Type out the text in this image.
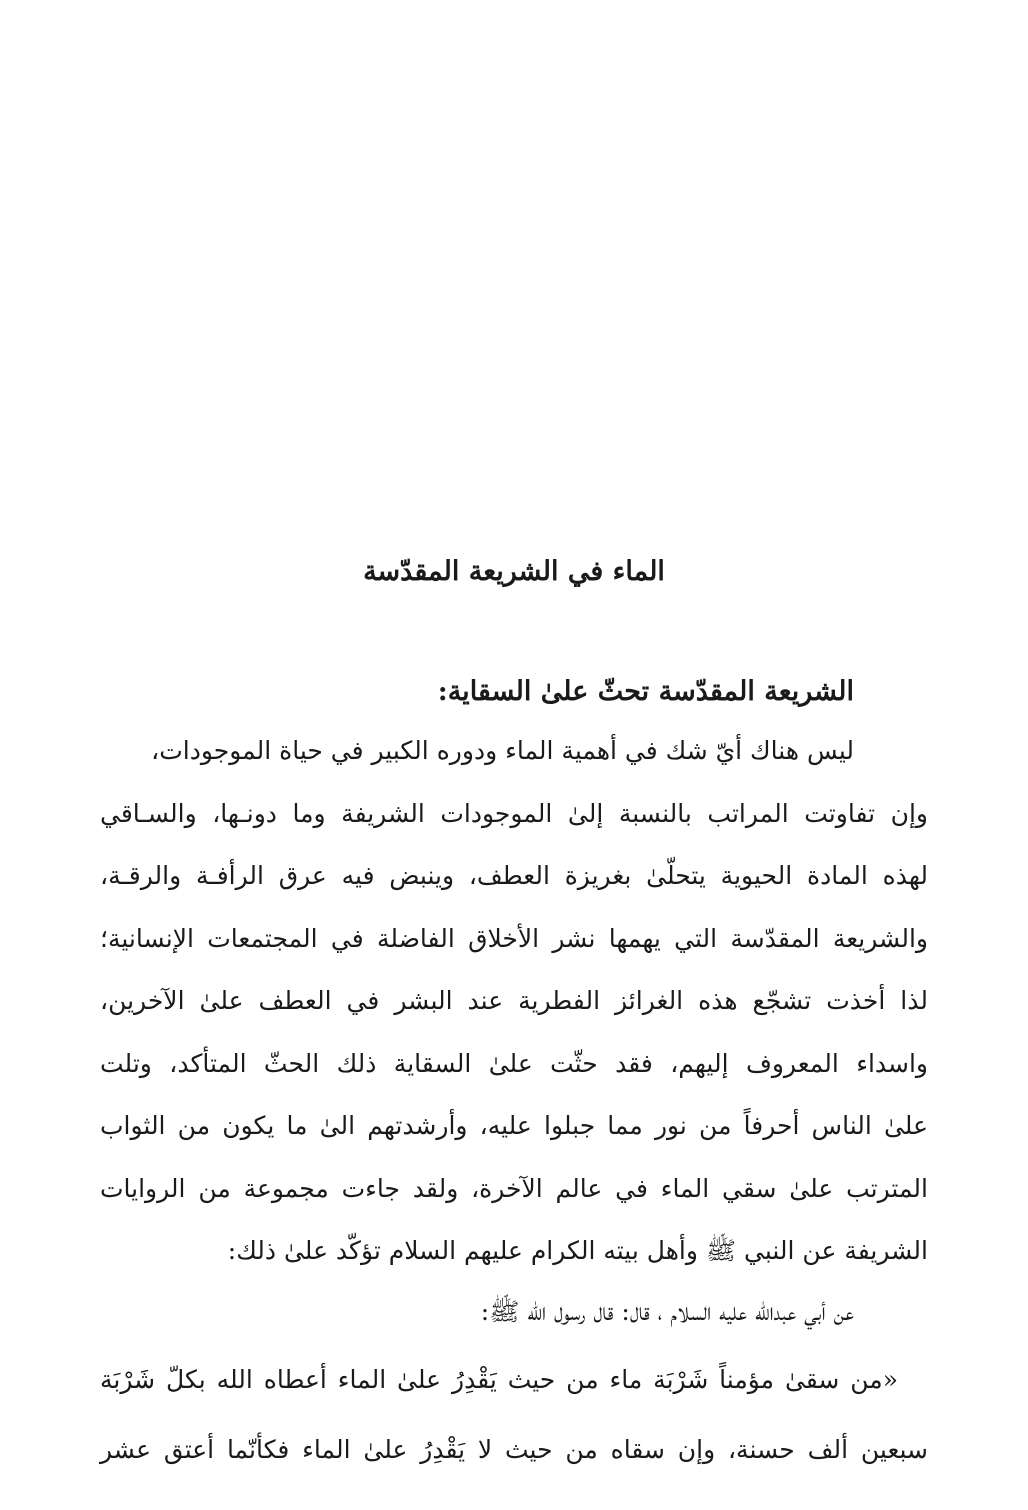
الماء في الشريعة المقدّسة
الشريعة المقدّسة تحثّ علىٰ السقاية:
ليس هناك أيّ شك في أهمية الماء ودوره الكبير في حياة الموجودات،
وإن تفاوتت المراتب بالنسبة إلىٰ الموجودات الشريفة وما دونـها، والسـاقي
لهذه المادة الحيوية يتحلّىٰ بغريزة العطف، وينبض فيه عرق الرأفـة والرقـة،
والشريعة المقدّسة التي يهمها نشر الأخلاق الفاضلة في المجتمعات الإنسانية؛
لذا أخذت تشجّع هذه الغرائز الفطرية عند البشر في العطف علىٰ الآخرين،
واسداء المعروف إليهم، فقد حثّت علىٰ السقاية ذلك الحثّ المتأكد، وتلت
علىٰ الناس أحرفاً من نور مما جبلوا عليه، وأرشدتهم الىٰ ما يكون من الثواب
المترتب علىٰ سقي الماء في عالم الآخرة، ولقد جاءت مجموعة من الروايات
الشريفة عن النبي ﷺ وأهل بيته الكرام عليهم السلام تؤكّد علىٰ ذلك:
عن أبي عبدالله عليه السلام ، قال: قال رسول الله ﷺ:
«من سقىٰ مؤمناً شَرْبَة ماء من حيث يَقْدِرُ علىٰ الماء أعطاه الله بكلّ شَرْبَة
سبعين ألف حسنة، وإن سقاه من حيث لا يَقْدِرُ علىٰ الماء فكأنّما أعتق عشر
